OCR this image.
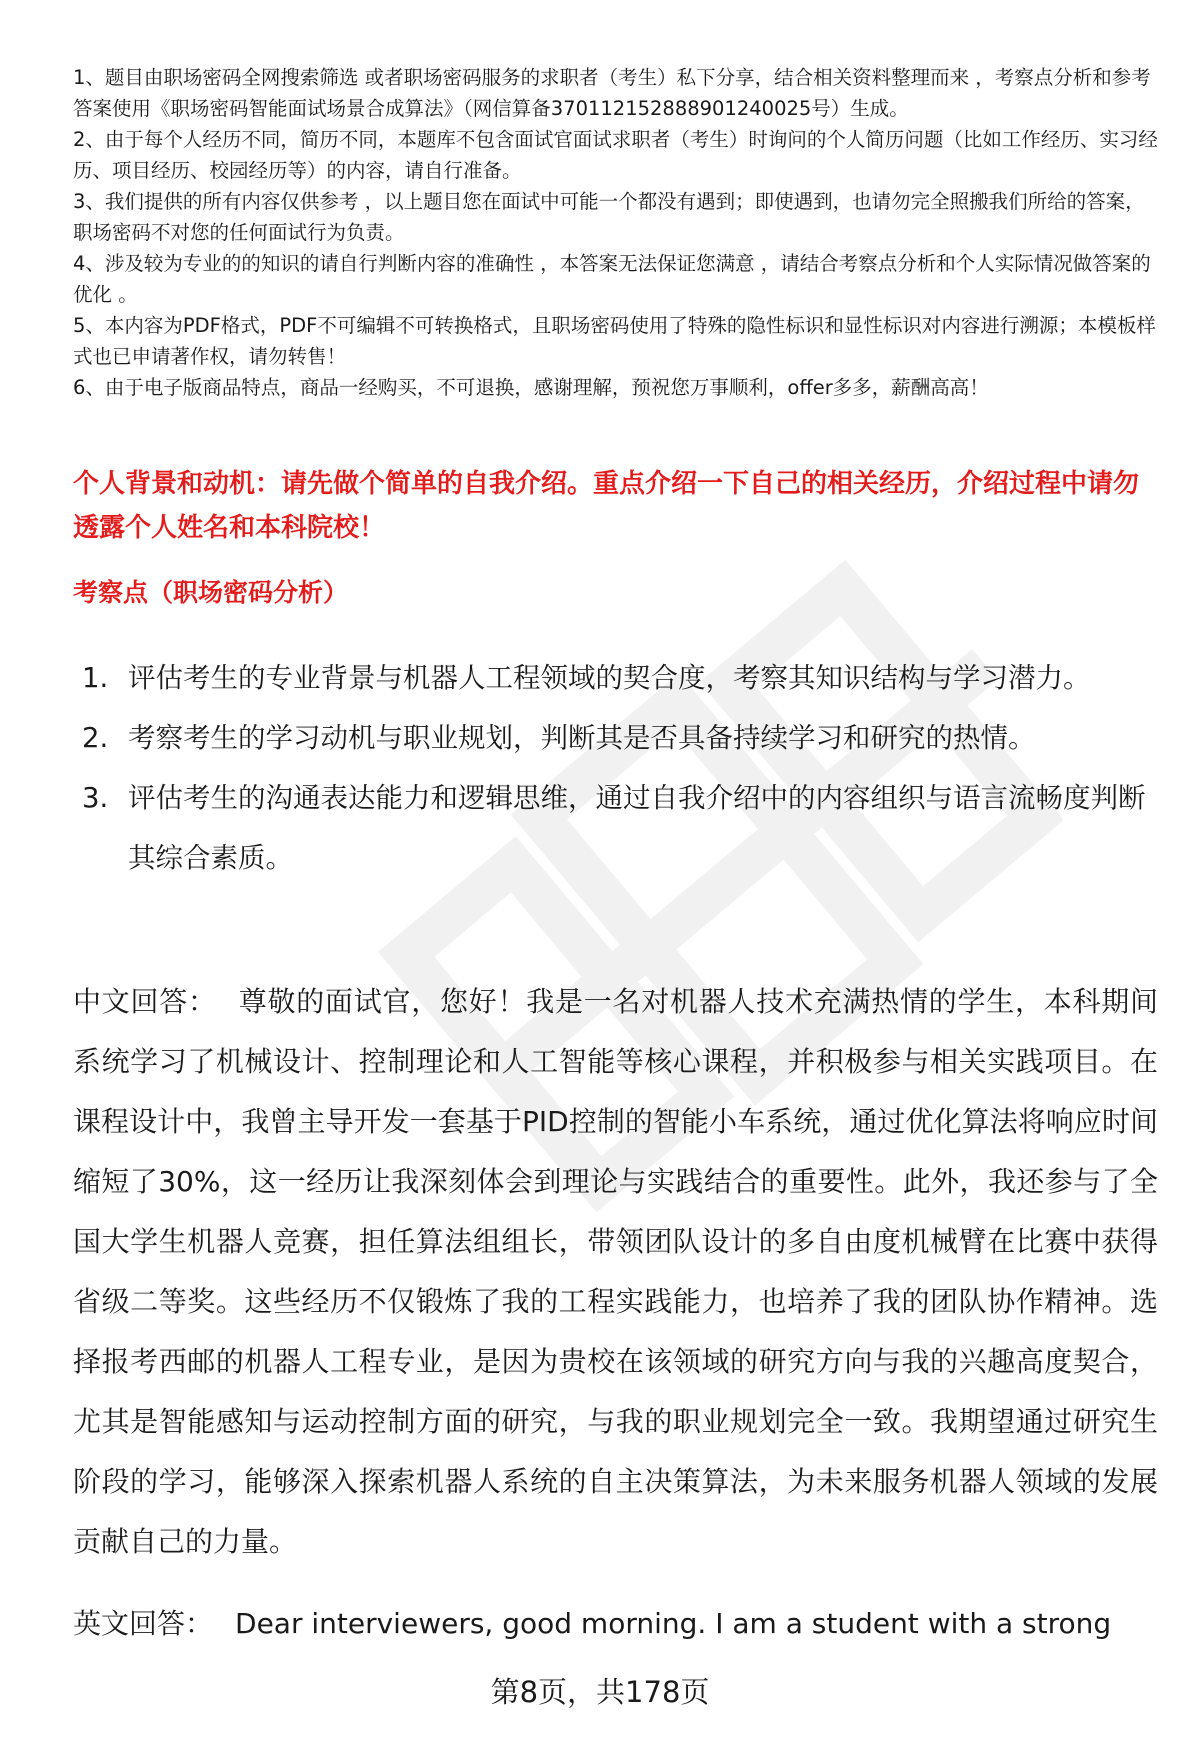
1、题目由职场密码全网搜索筛选 或者职场密码服务的求职者（考生）私下分享，结合相关资料整理而来 ，考察点分析和参考答案使用《职场密码智能面试场景合成算法》（网信算备370112152888901240025号）生成。
2、由于每个人经历不同，简历不同，本题库不包含面试官面试求职者（考生）时询问的个人简历问题（比如工作经历、实习经历、项目经历、校园经历等）的内容，请自行准备。
3、我们提供的所有内容仅供参考 ，以上题目您在面试中可能一个都没有遇到；即使遇到，也请勿完全照搬我们所给的答案，职场密码不对您的任何面试行为负责。
4、涉及较为专业的的知识的请自行判断内容的准确性 ，本答案无法保证您满意 ，请结合考察点分析和个人实际情况做答案的优化 。
5、本内容为PDF格式，PDF不可编辑不可转换格式，且职场密码使用了特殊的隐性标识和显性标识对内容进行溯源；本模板样式也已申请著作权，请勿转售！
6、由于电子版商品特点，商品一经购买，不可退换，感谢理解，预祝您万事顺利，offer多多，薪酬高高！
个人背景和动机：请先做个简单的自我介绍。重点介绍一下自己的相关经历，介绍过程中请勿透露个人姓名和本科院校！
考察点（职场密码分析）
1. 评估考生的专业背景与机器人工程领域的契合度，考察其知识结构与学习潜力。
2. 考察考生的学习动机与职业规划，判断其是否具备持续学习和研究的热情。
3. 评估考生的沟通表达能力和逻辑思维，通过自我介绍中的内容组织与语言流畅度判断其综合素质。

中文回答： 尊敬的面试官，您好！我是一名对机器人技术充满热情的学生，本科期间系统学习了机械设计、控制理论和人工智能等核心课程，并积极参与相关实践项目。在课程设计中，我曾主导开发一套基于PID控制的智能小车系统，通过优化算法将响应时间缩短了30%，这一经历让我深刻体会到理论与实践结合的重要性。此外，我还参与了全国大学生机器人竞赛，担任算法组组长，带领团队设计的多自由度机械臂在比赛中获得省级二等奖。这些经历不仅锻炼了我的工程实践能力，也培养了我的团队协作精神。选择报考西邮的机器人工程专业，是因为贵校在该领域的研究方向与我的兴趣高度契合，尤其是智能感知与运动控制方面的研究，与我的职业规划完全一致。我期望通过研究生阶段的学习，能够深入探索机器人系统的自主决策算法，为未来服务机器人领域的发展贡献自己的力量。

英文回答： Dear interviewers, good morning. I am a student with a strong

第8页，共178页
